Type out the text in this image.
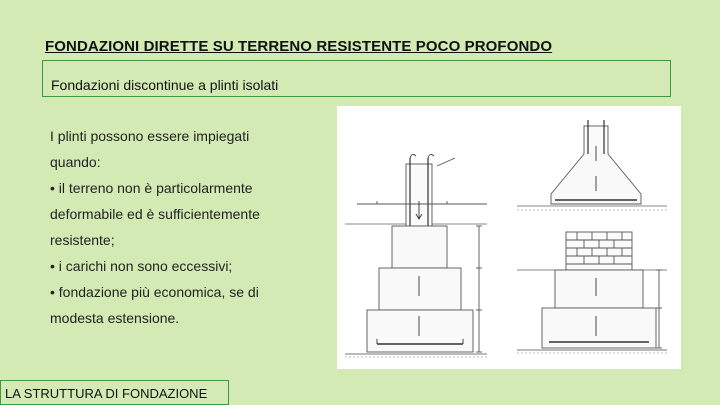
FONDAZIONI DIRETTE SU TERRENO RESISTENTE POCO PROFONDO
Fondazioni discontinue a plinti isolati

I plinti possono essere impiegati

quando:

• il terreno non è particolarmente

deformabile ed è sufficientemente

resistente;

• i carichi non sono eccessivi;

• fondazione più economica, se di

modesta estensione.

LA STRUTTURA DI FONDAZIONE
